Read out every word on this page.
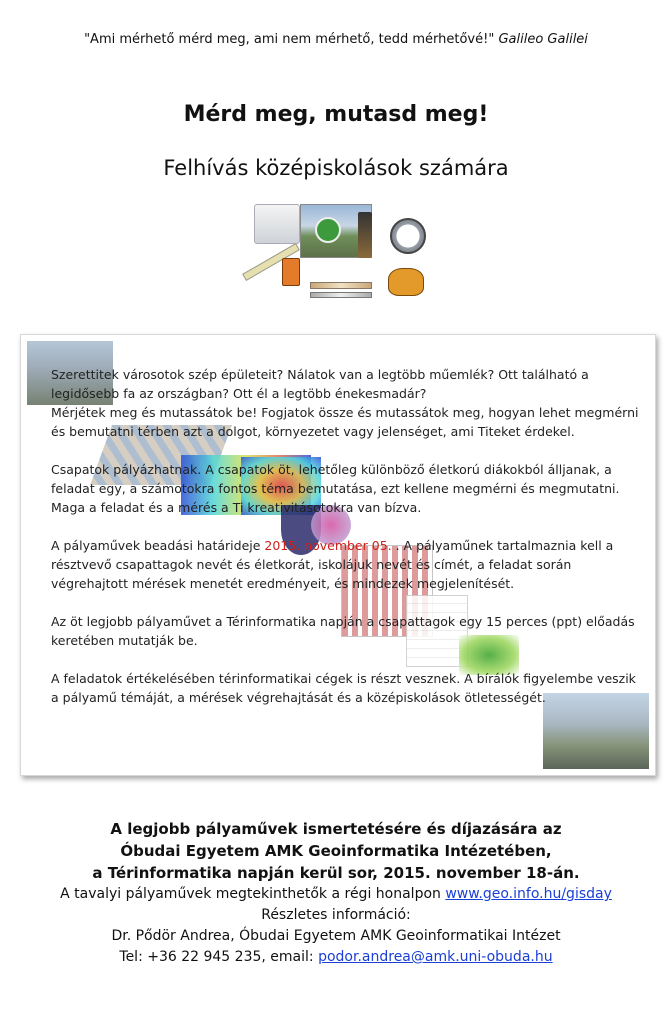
"Ami mérhető mérd meg, ami nem mérhető, tedd mérhetővé!" Galileo Galilei
Mérd meg, mutasd meg!
Felhívás középiskolások számára

Szerettitek városotok szép épületeit? Nálatok van a legtöbb műemlék? Ott található a legidősebb fa az országban? Ott él a legtöbb énekesmadár?
Mérjétek meg és mutassátok be! Fogjatok össze és mutassátok meg, hogyan lehet megmérni és bemutatni térben azt a dolgot, környezetet vagy jelenséget, ami Titeket érdekel.

Csapatok pályázhatnak. A csapatok öt, lehetőleg különböző életkorú diákokból álljanak, a feladat egy, a számotokra fontos téma bemutatása, ezt kellene megmérni és megmutatni. Maga a feladat és a mérés a Ti kreativitásotokra van bízva.

A pályaművek beadási határideje 2015. november 05. . A pályaműnek tartalmaznia kell a résztvevő csapattagok nevét és életkorát, iskolájuk nevét és címét, a feladat során végrehajtott mérések menetét eredményeit, és mindezek megjelenítését.

Az öt legjobb pályaművet a Térinformatika napján a csapattagok egy 15 perces (ppt) előadás keretében mutatják be.

A feladatok értékelésében térinformatikai cégek is részt vesznek. A bírálók figyelembe veszik a pályamű témáját, a mérések végrehajtását és a középiskolások ötletességét.

A legjobb pályaművek ismertetésére és díjazására az
Óbudai Egyetem AMK Geoinformatika Intézetében,
a Térinformatika napján kerül sor, 2015. november 18-án.
A tavalyi pályaművek megtekinthetők a régi honalpon www.geo.info.hu/gisday
Részletes információ:
Dr. Pődör Andrea, Óbudai Egyetem AMK Geoinformatikai Intézet
Tel: +36 22 945 235, email: podor.andrea@amk.uni-obuda.hu
